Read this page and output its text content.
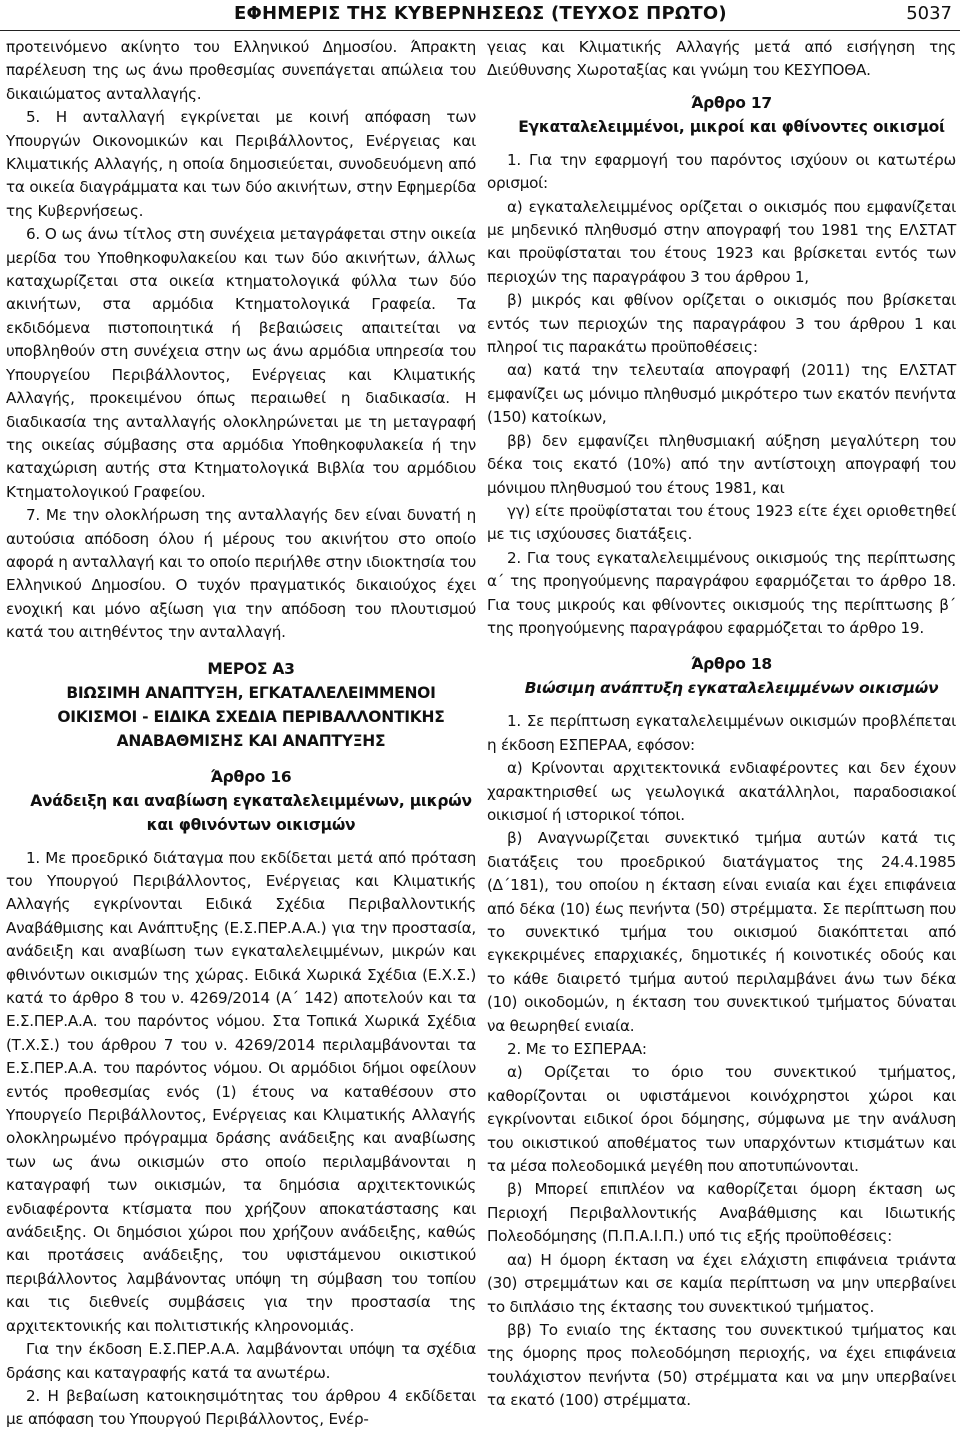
ΕΦΗΜΕΡΙΣ ΤΗΣ ΚΥΒΕΡΝΗΣΕΩΣ (ΤΕΥΧΟΣ ΠΡΩΤΟ)	5037

προτεινόμενο ακίνητο του Ελληνικού Δημοσίου. Άπρακτη παρέλευση της ως άνω προθεσμίας συνεπάγεται απώλεια του δικαιώματος ανταλλαγής.

5. Η ανταλλαγή εγκρίνεται με κοινή απόφαση των Υπουργών Οικονομικών και Περιβάλλοντος, Ενέργειας και Κλιματικής Αλλαγής, η οποία δημοσιεύεται, συνοδευόμενη από τα οικεία διαγράμματα και των δύο ακινήτων, στην Εφημερίδα της Κυβερνήσεως.

6. Ο ως άνω τίτλος στη συνέχεια μεταγράφεται στην οικεία μερίδα του Υποθηκοφυλακείου και των δύο ακινήτων, άλλως καταχωρίζεται στα οικεία κτηματολογικά φύλλα των δύο ακινήτων, στα αρμόδια Κτηματολογικά Γραφεία. Τα εκδιδόμενα πιστοποιητικά ή βεβαιώσεις απαιτείται να υποβληθούν στη συνέχεια στην ως άνω αρμόδια υπηρεσία του Υπουργείου Περιβάλλοντος, Ενέργειας και Κλιματικής Αλλαγής, προκειμένου όπως περαιωθεί η διαδικασία. Η διαδικασία της ανταλλαγής ολοκληρώνεται με τη μεταγραφή της οικείας σύμβασης στα αρμόδια Υποθηκοφυλακεία ή την καταχώριση αυτής στα Κτηματολογικά Βιβλία του αρμόδιου Κτηματολογικού Γραφείου.

7. Με την ολοκλήρωση της ανταλλαγής δεν είναι δυνατή η αυτούσια απόδοση όλου ή μέρους του ακινήτου στο οποίο αφορά η ανταλλαγή και το οποίο περιήλθε στην ιδιοκτησία του Ελληνικού Δημοσίου. Ο τυχόν πραγματικός δικαιούχος έχει ενοχική και μόνο αξίωση για την απόδοση του πλουτισμού κατά του αιτηθέντος την ανταλλαγή.

ΜΕΡΟΣ Α3

ΒΙΩΣΙΜΗ ΑΝΑΠΤΥΞΗ, ΕΓΚΑΤΑΛΕΛΕΙΜΜΕΝΟΙ

ΟΙΚΙΣΜΟΙ - ΕΙΔΙΚΑ ΣΧΕΔΙΑ ΠΕΡΙΒΑΛΛΟΝΤΙΚΗΣ

ΑΝΑΒΑΘΜΙΣΗΣ ΚΑΙ ΑΝΑΠΤΥΞΗΣ

Άρθρο 16

Ανάδειξη και αναβίωση εγκαταλελειμμένων, μικρών

και φθινόντων οικισμών

1. Με προεδρικό διάταγμα που εκδίδεται μετά από πρόταση του Υπουργού Περιβάλλοντος, Ενέργειας και Κλιματικής Αλλαγής εγκρίνονται Ειδικά Σχέδια Περιβαλλοντικής Αναβάθμισης και Ανάπτυξης (Ε.Σ.ΠΕΡ.Α.Α.) για την προστασία, ανάδειξη και αναβίωση των εγκαταλελειμμένων, μικρών και φθινόντων οικισμών της χώρας. Ειδικά Χωρικά Σχέδια (Ε.Χ.Σ.) κατά το άρθρο 8 του ν. 4269/2014 (Α΄ 142) αποτελούν και τα Ε.Σ.ΠΕΡ.Α.Α. του παρόντος νόμου. Στα Τοπικά Χωρικά Σχέδια (Τ.Χ.Σ.) του άρθρου 7 του ν. 4269/2014 περιλαμβάνονται τα Ε.Σ.ΠΕΡ.Α.Α. του παρόντος νόμου. Οι αρμόδιοι δήμοι οφείλουν εντός προθεσμίας ενός (1) έτους να καταθέσουν στο Υπουργείο Περιβάλλοντος, Ενέργειας και Κλιματικής Αλλαγής ολοκληρωμένο πρόγραμμα δράσης ανάδειξης και αναβίωσης των ως άνω οικισμών στο οποίο περιλαμβάνονται η καταγραφή των οικισμών, τα δημόσια αρχιτεκτονικώς ενδιαφέροντα κτίσματα που χρήζουν αποκατάστασης και ανάδειξης. Οι δημόσιοι χώροι που χρήζουν ανάδειξης, καθώς και προτάσεις ανάδειξης, του υφιστάμενου οικιστικού περιβάλλοντος λαμβάνοντας υπόψη τη σύμβαση του τοπίου και τις διεθνείς συμβάσεις για την προστασία της αρχιτεκτονικής και πολιτιστικής κληρονομιάς.

Για την έκδοση Ε.Σ.ΠΕΡ.Α.Α. λαμβάνονται υπόψη τα σχέδια δράσης και καταγραφής κατά τα ανωτέρω.

2. Η βεβαίωση κατοικησιμότητας του άρθρου 4 εκδίδεται με απόφαση του Υπουργού Περιβάλλοντος, Ενέρ-

γειας και Κλιματικής Αλλαγής μετά από εισήγηση της Διεύθυνσης Χωροταξίας και γνώμη του ΚΕΣΥΠΟΘΑ.

Άρθρο 17

Εγκαταλελειμμένοι, μικροί και φθίνοντες οικισμοί

1. Για την εφαρμογή του παρόντος ισχύουν οι κατωτέρω ορισμοί:

α) εγκαταλελειμμένος ορίζεται ο οικισμός που εμφανίζεται με μηδενικό πληθυσμό στην απογραφή του 1981 της ΕΛΣΤΑΤ και προϋφίσταται του έτους 1923 και βρίσκεται εντός των περιοχών της παραγράφου 3 του άρθρου 1,

β) μικρός και φθίνον ορίζεται ο οικισμός που βρίσκεται εντός των περιοχών της παραγράφου 3 του άρθρου 1 και πληροί τις παρακάτω προϋποθέσεις:

αα) κατά την τελευταία απογραφή (2011) της ΕΛΣΤΑΤ εμφανίζει ως μόνιμο πληθυσμό μικρότερο των εκατόν πενήντα (150) κατοίκων,

ββ) δεν εμφανίζει πληθυσμιακή αύξηση μεγαλύτερη του δέκα τοις εκατό (10%) από την αντίστοιχη απογραφή του μόνιμου πληθυσμού του έτους 1981, και

γγ) είτε προϋφίσταται του έτους 1923 είτε έχει οριοθετηθεί με τις ισχύουσες διατάξεις.

2. Για τους εγκαταλελειμμένους οικισμούς της περίπτωσης α΄ της προηγούμενης παραγράφου εφαρμόζεται το άρθρο 18. Για τους μικρούς και φθίνοντες οικισμούς της περίπτωσης β΄ της προηγούμενης παραγράφου εφαρμόζεται το άρθρο 19.

Άρθρο 18

Βιώσιμη ανάπτυξη εγκαταλελειμμένων οικισμών

1. Σε περίπτωση εγκαταλελειμμένων οικισμών προβλέπεται η έκδοση ΕΣΠΕΡΑΑ, εφόσον:

α) Κρίνονται αρχιτεκτονικά ενδιαφέροντες και δεν έχουν χαρακτηρισθεί ως γεωλογικά ακατάλληλοι, παραδοσιακοί οικισμοί ή ιστορικοί τόποι.

β) Αναγνωρίζεται συνεκτικό τμήμα αυτών κατά τις διατάξεις του προεδρικού διατάγματος της 24.4.1985 (Δ΄181), του οποίου η έκταση είναι ενιαία και έχει επιφάνεια από δέκα (10) έως πενήντα (50) στρέμματα. Σε περίπτωση που το συνεκτικό τμήμα του οικισμού διακόπτεται από εγκεκριμένες επαρχιακές, δημοτικές ή κοινοτικές οδούς και το κάθε διαιρετό τμήμα αυτού περιλαμβάνει άνω των δέκα (10) οικοδομών, η έκταση του συνεκτικού τμήματος δύναται να θεωρηθεί ενιαία.

2. Με το ΕΣΠΕΡΑΑ:

α) Ορίζεται το όριο του συνεκτικού τμήματος, καθορίζονται οι υφιστάμενοι κοινόχρηστοι χώροι και εγκρίνονται ειδικοί όροι δόμησης, σύμφωνα με την ανάλυση του οικιστικού αποθέματος των υπαρχόντων κτισμάτων και τα μέσα πολεοδομικά μεγέθη που αποτυπώνονται.

β) Μπορεί επιπλέον να καθορίζεται όμορη έκταση ως Περιοχή Περιβαλλοντικής Αναβάθμισης και Ιδιωτικής Πολεοδόμησης (Π.Π.Α.Ι.Π.) υπό τις εξής προϋποθέσεις:

αα) Η όμορη έκταση να έχει ελάχιστη επιφάνεια τριάντα (30) στρεμμάτων και σε καμία περίπτωση να μην υπερβαίνει το διπλάσιο της έκτασης του συνεκτικού τμήματος.

ββ) Το ενιαίο της έκτασης του συνεκτικού τμήματος και της όμορης προς πολεοδόμηση περιοχής, να έχει επιφάνεια τουλάχιστον πενήντα (50) στρέμματα και να μην υπερβαίνει τα εκατό (100) στρέμματα.
